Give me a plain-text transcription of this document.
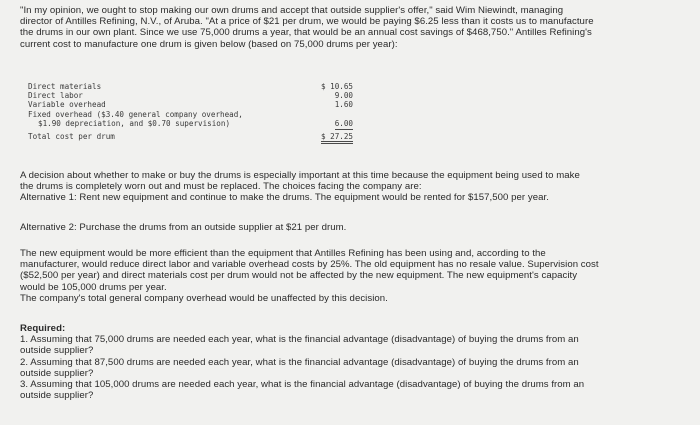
"In my opinion, we ought to stop making our own drums and accept that outside supplier's offer," said Wim Niewindt, managing
director of Antilles Refining, N.V., of Aruba. "At a price of $21 per drum, we would be paying $6.25 less than it costs us to manufacture
the drums in our own plant. Since we use 75,000 drums a year, that would be an annual cost savings of $468,750." Antilles Refining's
current cost to manufacture one drum is given below (based on 75,000 drums per year):

Direct materials	$ 10.65
Direct labor	9.00
Variable overhead	1.60
Fixed overhead ($3.40 general company overhead,
$1.90 depreciation, and $0.70 supervision)	6.00
Total cost per drum	$ 27.25

A decision about whether to make or buy the drums is especially important at this time because the equipment being used to make
the drums is completely worn out and must be replaced. The choices facing the company are:
Alternative 1: Rent new equipment and continue to make the drums. The equipment would be rented for $157,500 per year.

Alternative 2: Purchase the drums from an outside supplier at $21 per drum.

The new equipment would be more efficient than the equipment that Antilles Refining has been using and, according to the
manufacturer, would reduce direct labor and variable overhead costs by 25%. The old equipment has no resale value. Supervision cost
($52,500 per year) and direct materials cost per drum would not be affected by the new equipment. The new equipment's capacity
would be 105,000 drums per year.
The company's total general company overhead would be unaffected by this decision.

Required:
1. Assuming that 75,000 drums are needed each year, what is the financial advantage (disadvantage) of buying the drums from an
outside supplier?
2. Assuming that 87,500 drums are needed each year, what is the financial advantage (disadvantage) of buying the drums from an
outside supplier?
3. Assuming that 105,000 drums are needed each year, what is the financial advantage (disadvantage) of buying the drums from an
outside supplier?
